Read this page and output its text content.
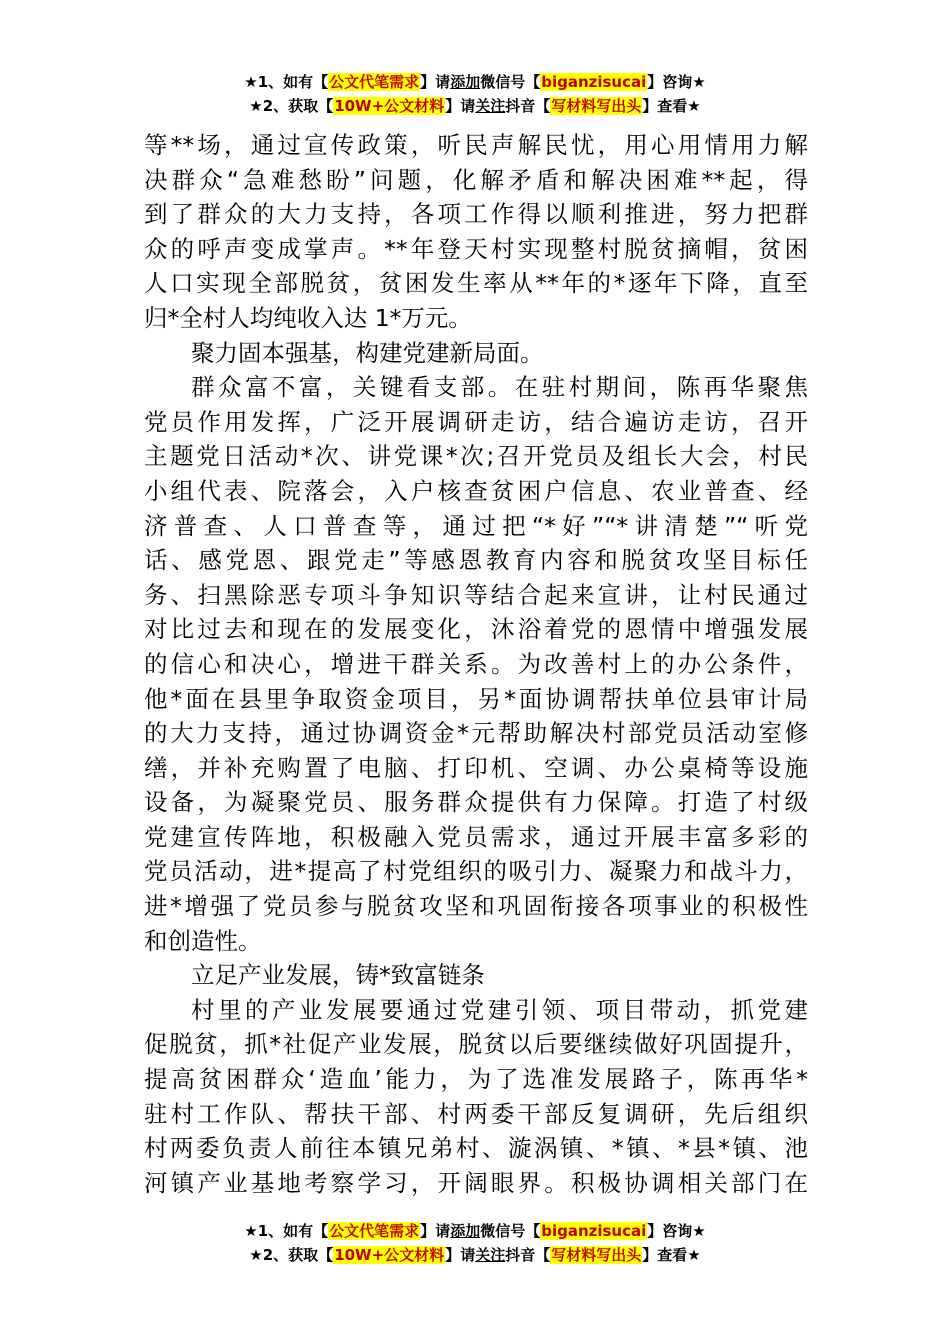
★1、如有【公文代笔需求】请添加微信号【biganzisucai】咨询★
★2、获取【10W+公文材料】请关注抖音【写材料写出头】查看★
等**场，通过宣传政策，听民声解民忧，用心用情用力解
决群众“急难愁盼”问题，化解矛盾和解决困难**起，得
到了群众的大力支持，各项工作得以顺利推进，努力把群
众的呼声变成掌声。**年登天村实现整村脱贫摘帽，贫困
人口实现全部脱贫，贫困发生率从**年的*逐年下降，直至
归*全村人均纯收入达 1*万元。
聚力固本强基，构建党建新局面。
群众富不富，关键看支部。在驻村期间，陈再华聚焦
党员作用发挥，广泛开展调研走访，结合遍访走访，召开
主题党日活动*次、讲党课*次;召开党员及组长大会，村民
小组代表、院落会，入户核查贫困户信息、农业普查、经
济普查、人口普查等，通过把“*好”“*讲清楚”“听党
话、感党恩、跟党走”等感恩教育内容和脱贫攻坚目标任
务、扫黑除恶专项斗争知识等结合起来宣讲，让村民通过
对比过去和现在的发展变化，沐浴着党的恩情中增强发展
的信心和决心，增进干群关系。为改善村上的办公条件，
他*面在县里争取资金项目，另*面协调帮扶单位县审计局
的大力支持，通过协调资金*元帮助解决村部党员活动室修
缮，并补充购置了电脑、打印机、空调、办公桌椅等设施
设备，为凝聚党员、服务群众提供有力保障。打造了村级
党建宣传阵地，积极融入党员需求，通过开展丰富多彩的
党员活动，进*提高了村党组织的吸引力、凝聚力和战斗力，
进*增强了党员参与脱贫攻坚和巩固衔接各项事业的积极性
和创造性。
立足产业发展，铸*致富链条
村里的产业发展要通过党建引领、项目带动，抓党建
促脱贫，抓*社促产业发展，脱贫以后要继续做好巩固提升，
提高贫困群众‘造血’能力，为了选准发展路子，陈再华*
驻村工作队、帮扶干部、村两委干部反复调研，先后组织
村两委负责人前往本镇兄弟村、漩涡镇、*镇、*县*镇、池
河镇产业基地考察学习，开阔眼界。积极协调相关部门在
★1、如有【公文代笔需求】请添加微信号【biganzisucai】咨询★
★2、获取【10W+公文材料】请关注抖音【写材料写出头】查看★
